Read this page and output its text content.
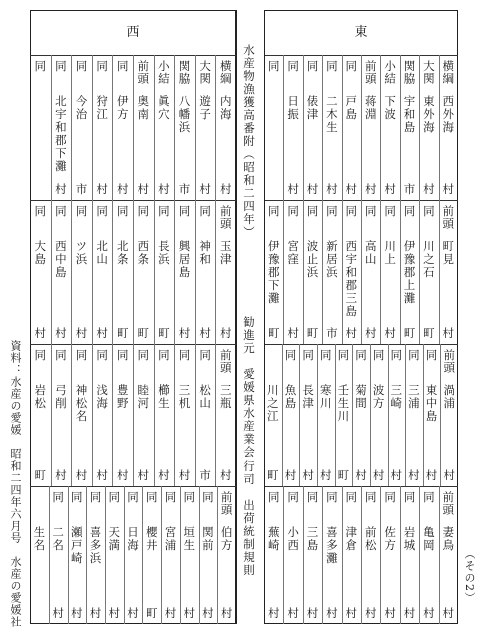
西	東
水産物漁獲高番附（昭和二四年）
勧進元　愛媛県水産業会
行司　出荷統制規則
資料：水産の愛媛　昭和二四年六月号　水産の愛媛社	（その2）
横綱
内海
村
大関
遊子
村
関脇
八幡浜
市
小結
眞穴
村
前頭
奥南
村
同
伊方
村
同
狩江
村
同
今治
市
同
北宇和郡下灘
村
同
前頭
玉津
村
同
神和
村
同
興居島
村
同
長浜
町
同
西条
町
同
北条
町
同
北山
村
同
ツ浜
村
同
西中島
村
同
大島
村
前頭
三瓶
村
同
松山
市
同
三机
村
同
櫛生
村
同
睦河
村
同
豊野
村
同
浅海
村
同
神松名
村
同
弓削
村
同
岩松
町
前頭
伯方
村
同
関前
村
同
垣生
村
同
宮浦
村
同
櫻井
町
同
日海
村
同
天満
村
同
喜多浜
村
同
瀬戸崎
村
同
二名
村
生名
横綱
西外海
村
大関
東外海
村
関脇
宇和島
市
小結
下波
村
前頭
蒋淵
村
同
戸島
村
同
二木生
村
同
俵津
村
同
日振
村
同
前頭
町見
村
同
川之石
町
同
伊豫郡上灘
町
同
川上
村
同
高山
村
同
西宇和郡三島
村
同
新居浜
市
同
波止浜
町
同
宮窪
村
同
伊豫郡下灘
町
前頭
渦浦
村
同
東中島
村
同
三浦
村
同
三崎
村
同
波方
村
同
菊間
村
同
壬生川
町
同
寒川
村
同
長津
村
同
魚島
村
川之江
町
前頭
妻鳥
村
同
亀岡
村
同
岩城
村
同
佐方
村
同
前松
村
同
津倉
村
同
喜多灘
村
同
三島
村
同
小西
村
同
蕪崎
村
